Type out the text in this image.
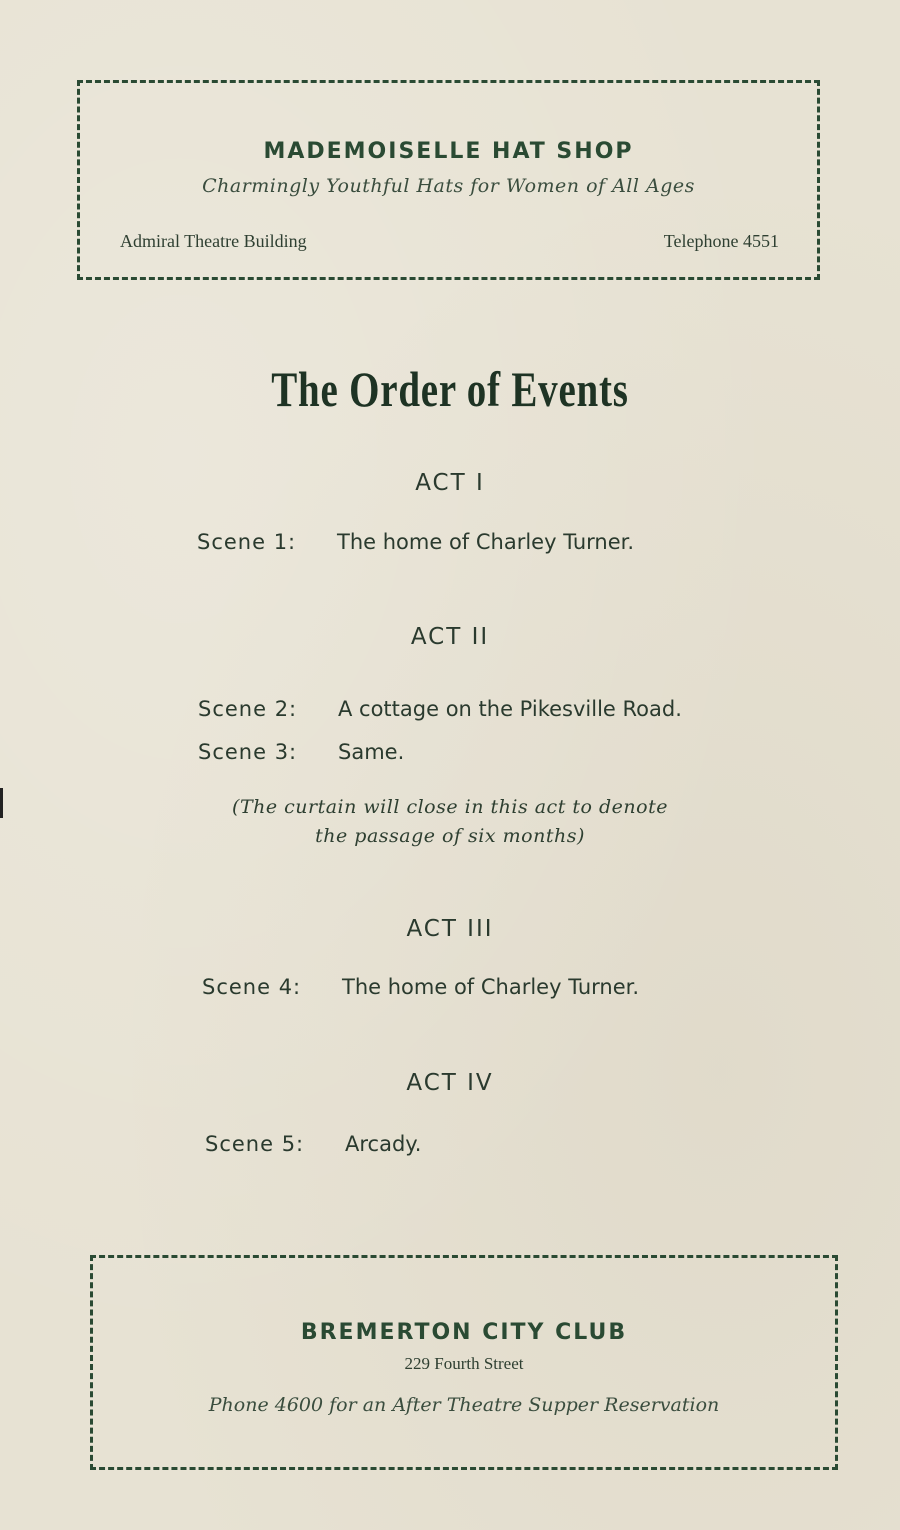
MADEMOISELLE HAT SHOP
Charmingly Youthful Hats for Women of All Ages
Admiral Theatre Building	Telephone 4551
The Order of Events
ACT I
Scene 1: The home of Charley Turner.
ACT II
Scene 2: A cottage on the Pikesville Road.
Scene 3: Same.
(The curtain will close in this act to denote
the passage of six months)
ACT III
Scene 4: The home of Charley Turner.
ACT IV
Scene 5: Arcady.
BREMERTON CITY CLUB
229 Fourth Street
Phone 4600 for an After Theatre Supper Reservation
